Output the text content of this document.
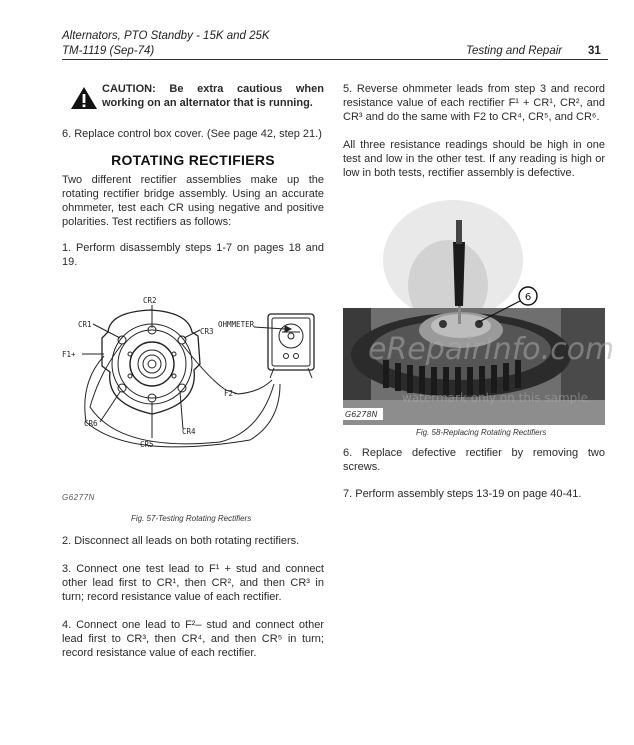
Alternators, PTO Standby - 15K and 25K
TM-1119 (Sep-74)	Testing and Repair 31

CAUTION: Be extra cautious when working on an alternator that is running.

6. Replace control box cover. (See page 42, step 21.)

ROTATING RECTIFIERS

Two different rectifier assemblies make up the rotating rectifier bridge assembly. Using an accurate ohmmeter, test each CR using negative and positive polarities. Test rectifiers as follows:

1. Perform disassembly steps 1-7 on pages 18 and 19.

CR2
CR1
CR3
F1+
OHMMETER
F2-
CR6
CR4
CR5
G6277N
Fig. 57-Testing Rotating Rectifiers

2. Disconnect all leads on both rotating rectifiers.

3. Connect one test lead to F¹ + stud and connect other lead first to CR¹, then CR², and then CR³ in turn; record resistance value of each rectifier.

4. Connect one lead to F²– stud and connect other lead first to CR³, then CR⁴, and then CR⁵ in turn; record resistance value of each rectifier.

5. Reverse ohmmeter leads from step 3 and record resistance value of each rectifier F¹ + CR¹, CR², and CR³ and do the same with F2 to CR⁴, CR⁵, and CR⁶.

All three resistance readings should be high in one test and low in the other test. If any reading is high or low in both tests, rectifier assembly is defective.

6
G6278N
eRepairInfo.com
watermark only on this sample
Fig. 58-Replacing Rotating Rectifiers

6. Replace defective rectifier by removing two screws.

7. Perform assembly steps 13-19 on page 40-41.
